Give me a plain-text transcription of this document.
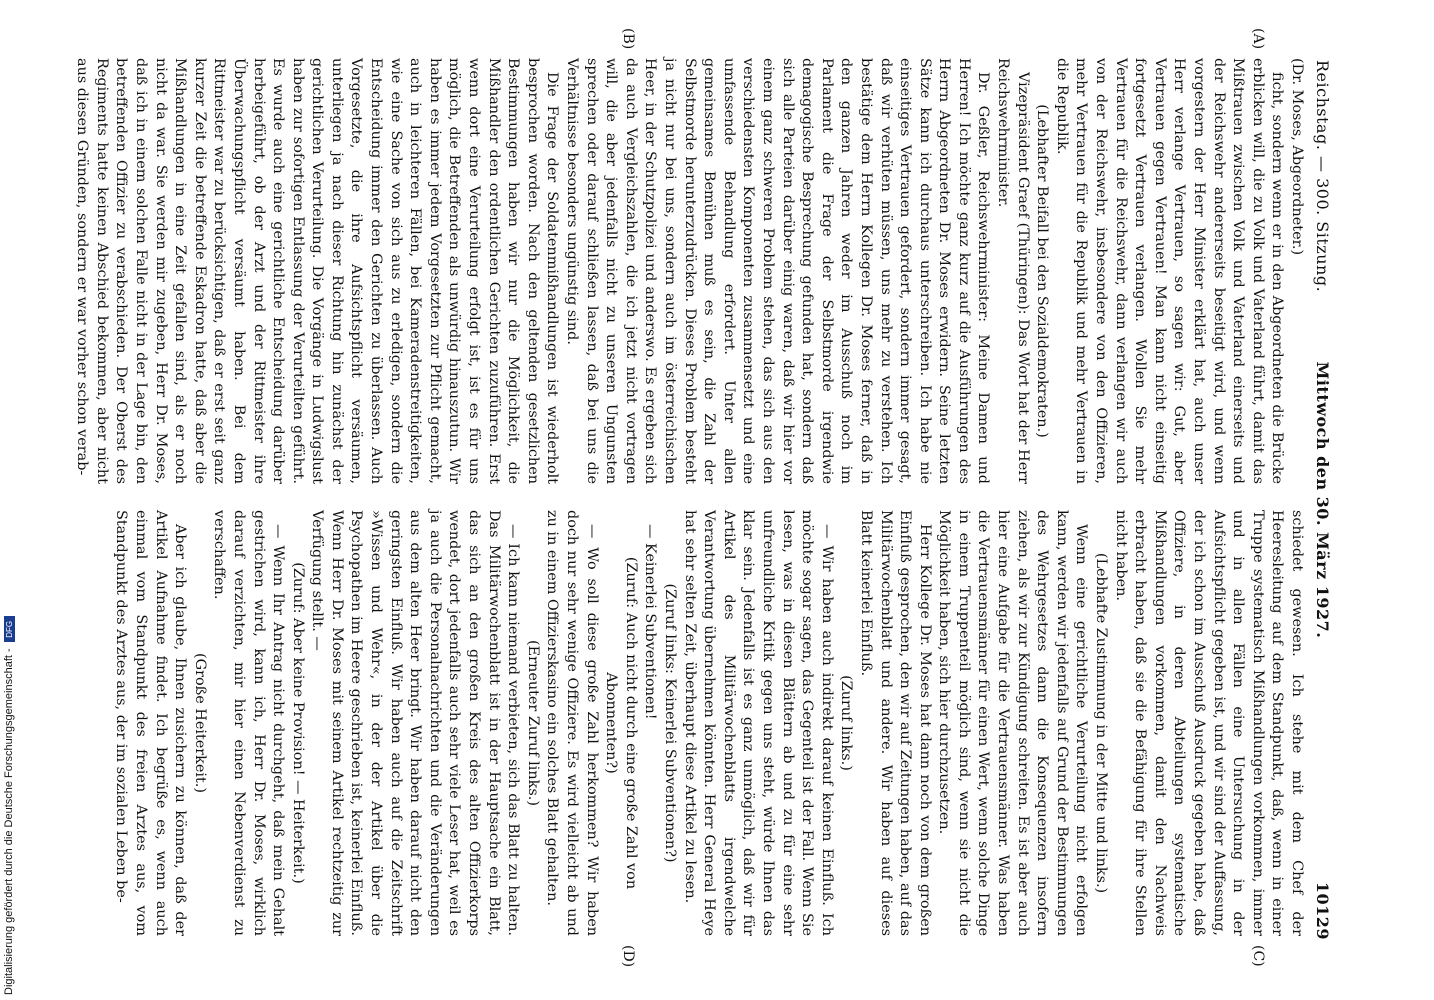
Reichstag. — 300. Sitzung.
Mittwoch den 30. März 1927.
10129
(A)
(B)
(C)
(D)

(Dr. Moses, Abgeordneter.)

ficht, sondern wenn er in den Abgeordneten die Brücke erblicken will, die zu Volk und Vaterland führt, damit das Mißtrauen zwischen Volk und Vaterland einerseits und der Reichswehr andererseits beseitigt wird, und wenn vorgestern der Herr Minister erklärt hat, auch unser Herr verlange Vertrauen, so sagen wir: Gut, aber Vertrauen gegen Vertrauen! Man kann nicht einseitig fortgesetzt Vertrauen verlangen. Wollen Sie mehr Vertrauen für die Reichswehr, dann verlangen wir auch von der Reichswehr, insbesondere von den Offizieren, mehr Vertrauen für die Republik und mehr Vertrauen in die Republik.

(Lebhafter Beifall bei den Sozialdemokraten.)

Vizepräsident Graef (Thüringen): Das Wort hat der Herr Reichswehrminister.

Dr. Geßler, Reichswehrminister: Meine Damen und Herren! Ich möchte ganz kurz auf die Ausführungen des Herrn Abgeordneten Dr. Moses erwidern. Seine letzten Sätze kann ich durchaus unterschreiben. Ich habe nie einseitiges Vertrauen gefordert, sondern immer gesagt, daß wir verhüten müssen, uns mehr zu verstehen. Ich bestätige dem Herrn Kollegen Dr. Moses ferner, daß in den ganzen Jahren weder im Ausschuß noch im Parlament die Frage der Selbstmorde irgendwie demagogische Besprechung gefunden hat, sondern daß sich alle Parteien darüber einig waren, daß wir hier vor einem ganz schweren Problem stehen, das sich aus den verschiedensten Komponenten zusammensetzt und eine umfassende Behandlung erfordert. Unter allen gemeinsames Bemühen muß es sein, die Zahl der Selbstmorde herunterzudrücken. Dieses Problem besteht ja nicht nur bei uns, sondern auch im österreichischen Heer, in der Schutzpolizei und anderswo. Es ergeben sich da auch Vergleichszahlen, die ich jetzt nicht vortragen will, die aber jedenfalls nicht zu unseren Ungunsten sprechen oder darauf schließen lassen, daß bei uns die Verhältnisse besonders ungünstig sind.

Die Frage der Soldatenmißhandlungen ist wiederholt besprochen worden. Nach den geltenden gesetzlichen Bestimmungen haben wir nur die Möglichkeit, die Mißhandler den ordentlichen Gerichten zuzuführen. Erst wenn dort eine Verurteilung erfolgt ist, ist es für uns möglich, die Betreffenden als unwürdig hinauszutun. Wir haben es immer jedem Vorgesetzten zur Pflicht gemacht, auch in leichteren Fällen, bei Kameradenstreitigkeiten, wie eine Sache von sich aus zu erledigen, sondern die Entscheidung immer den Gerichten zu überlassen. Auch Vorgesetzte, die ihre Aufsichtspflicht versäumen, unterliegen ja nach dieser Richtung hin zunächst der gerichtlichen Verurteilung. Die Vorgänge in Ludwigslust haben zur sofortigen Entlassung der Verurteilten geführt. Es wurde auch eine gerichtliche Entscheidung darüber herbeigeführt, ob der Arzt und der Rittmeister ihre Überwachungspflicht versäumt haben. Bei dem Rittmeister war zu berücksichtigen, daß er erst seit ganz kurzer Zeit die betreffende Eskadron hatte, daß aber die Mißhandlungen in eine Zeit gefallen sind, als er noch nicht da war. Sie werden mir zugeben, Herr Dr. Moses, daß ich in einem solchen Falle nicht in der Lage bin, den betreffenden Offizier zu verabschieden. Der Oberst des Regiments hatte keinen Abschied bekommen, aber nicht aus diesen Gründen, sondern er war vorher schon verab-

schiedet gewesen. Ich stehe mit dem Chef der Heeresleitung auf dem Standpunkt, daß, wenn in einer Truppe systematisch Mißhandlungen vorkommen, immer und in allen Fällen eine Untersuchung in der Aufsichtspflicht gegeben ist, und wir sind der Auffassung, der ich schon im Ausschuß Ausdruck gegeben habe, daß Offiziere, in deren Abteilungen systematische Mißhandlungen vorkommen, damit den Nachweis erbracht haben, daß sie die Befähigung für ihre Stellen nicht haben.

(Lebhafte Zustimmung in der Mitte und links.)

Wenn eine gerichtliche Verurteilung nicht erfolgen kann, werden wir jedenfalls auf Grund der Bestimmungen des Wehrgesetzes dann die Konsequenzen insofern ziehen, als wir zur Kündigung schreiten. Es ist aber auch hier eine Aufgabe für die Vertrauensmänner. Was haben die Vertrauensmänner für einen Wert, wenn solche Dinge in einem Truppenteil möglich sind, wenn sie nicht die Möglichkeit haben, sich hier durchzusetzen.

Herr Kollege Dr. Moses hat dann noch von dem großen Einfluß gesprochen, den wir auf Zeitungen haben, auf das Militärwochenblatt und andere. Wir haben auf dieses Blatt keinerlei Einfluß.

(Zuruf links.)

— Wir haben auch indirekt darauf keinen Einfluß. Ich möchte sogar sagen, das Gegenteil ist der Fall. Wenn Sie lesen, was in diesen Blättern ab und zu für eine sehr unfreundliche Kritik gegen uns steht, würde Ihnen das klar sein. Jedenfalls ist es ganz unmöglich, daß wir für Artikel des Militärwochenblatts irgendwelche Verantwortung übernehmen könnten. Herr General Heye hat sehr selten Zeit, überhaupt diese Artikel zu lesen.

(Zuruf links: Keinerlei Subventionen?)

— Keinerlei Subventionen!

(Zuruf: Auch nicht durch eine große Zahl von Abonnenten?)

— Wo soll diese große Zahl herkommen? Wir haben doch nur sehr wenige Offiziere. Es wird vielleicht ab und zu in einem Offizierskasino ein solches Blatt gehalten.

(Erneuter Zuruf links.)

— Ich kann niemand verbieten, sich das Blatt zu halten. Das Militärwochenblatt ist in der Hauptsache ein Blatt, das sich an den großen Kreis des alten Offizierkorps wendet, dort jedenfalls auch sehr viele Leser hat, weil es ja auch die Personalnachrichten und die Veränderungen aus dem alten Heer bringt. Wir haben darauf nicht den geringsten Einfluß. Wir haben auch auf die Zeitschrift »Wissen und Wehr«, in der der Artikel über die Psychopathen im Heere geschrieben ist, keinerlei Einfluß. Wenn Herr Dr. Moses mit seinem Artikel rechtzeitig zur Verfügung stellt. —

(Zuruf: Aber keine Provision! — Heiterkeit.)

— Wenn Ihr Antrag nicht durchgeht, daß mein Gehalt gestrichen wird, kann ich, Herr Dr. Moses, wirklich darauf verzichten, mir hier einen Nebenverdienst zu verschaffen.

(Große Heiterkeit.)

Aber ich glaube, Ihnen zusichern zu können, daß der Artikel Aufnahme findet. Ich begrüße es, wenn auch einmal vom Standpunkt des freien Arztes aus, vom Standpunkt des Arztes aus, der im sozialen Leben be-

Digitalisierung gefördert durch die Deutsche Forschungsgemeinschaft -DFG
